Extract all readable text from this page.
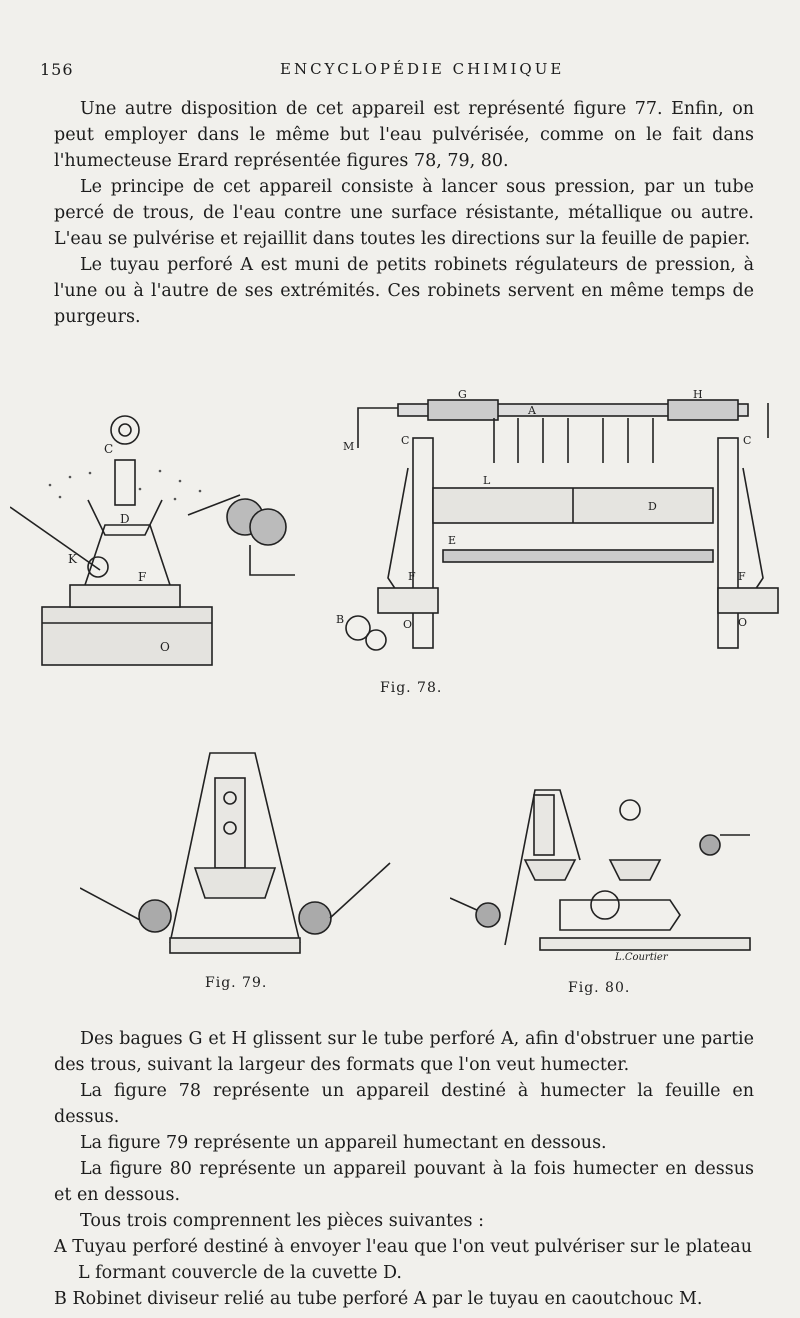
156	ENCYCLOPÉDIE CHIMIQUE

Une autre disposition de cet appareil est représenté figure 77. Enfin, on peut employer dans le même but l'eau pulvérisée, comme on le fait dans l'humecteuse Erard représentée figures 78, 79, 80.

Le principe de cet appareil consiste à lancer sous pression, par un tube percé de trous, de l'eau contre une surface résistante, métallique ou autre. L'eau se pulvérise et rejaillit dans toutes les directions sur la feuille de papier.

Le tuyau perforé A est muni de petits robinets régulateurs de pression, à l'une ou à l'autre de ses extrémités. Ces robinets servent en même temps de purgeurs.

C
D
K
F
O
G
A
H
M	C	C
L
D
E
F	F
B	O	O
Fig. 78.
Fig. 79.
L.Courtier
Fig. 80.

Des bagues G et H glissent sur le tube perforé A, afin d'obstruer une partie des trous, suivant la largeur des formats que l'on veut humecter.

La figure 78 représente un appareil destiné à humecter la feuille en dessus.

La figure 79 représente un appareil humectant en dessous.

La figure 80 représente un appareil pouvant à la fois humecter en dessus et en dessous.

Tous trois comprennent les pièces suivantes :

A Tuyau perforé destiné à envoyer l'eau que l'on veut pulvériser sur le plateau L formant couvercle de la cuvette D.

B Robinet diviseur relié au tube perforé A par le tuyau en caoutchouc M.
